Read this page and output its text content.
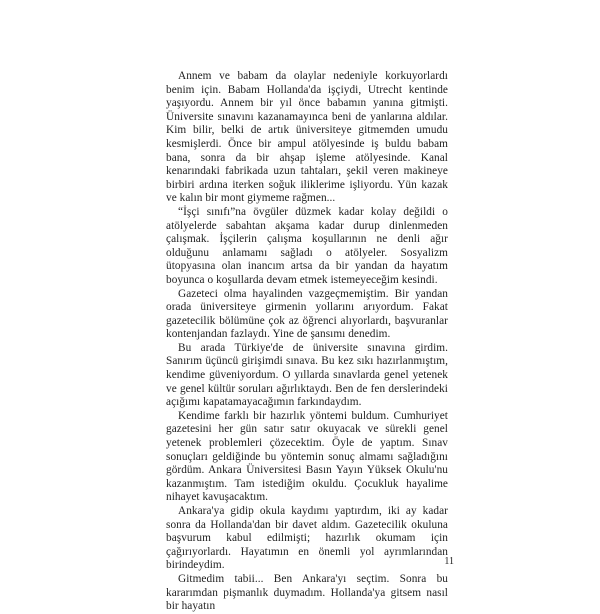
Annem ve babam da olaylar nedeniyle korkuyorlardı benim için. Babam Hollanda'da işçiydi, Utrecht kentinde yaşıyordu. Annem bir yıl önce babamın yanına gitmişti. Üniversite sınavını kazanamayınca beni de yanlarına aldılar. Kim bilir, belki de artık üniversiteye gitmemden umudu kesmişlerdi. Önce bir ampul atölyesinde iş buldu babam bana, sonra da bir ahşap işleme atölyesinde. Kanal kenarındaki fabrikada uzun tahtaları, şekil veren makineye birbiri ardına iterken soğuk iliklerime işliyordu. Yün kazak ve kalın bir mont giymeme rağmen...

“İşçi sınıfı”na övgüler düzmek kadar kolay değildi o atölyelerde sabahtan akşama kadar durup dinlenmeden çalışmak. İşçilerin çalışma koşullarının ne denli ağır olduğunu anlamamı sağladı o atölyeler. Sosyalizm ütopyasına olan inancım artsa da bir yandan da hayatım boyunca o koşullarda devam etmek istemeyeceğim kesindi.

Gazeteci olma hayalinden vazgeçmemiştim. Bir yandan orada üniversiteye girmenin yollarını arıyordum. Fakat gazetecilik bölümüne çok az öğrenci alıyorlardı, başvuranlar kontenjandan fazlaydı. Yine de şansımı denedim.

Bu arada Türkiye'de de üniversite sınavına girdim. Sanırım üçüncü girişimdi sınava. Bu kez sıkı hazırlanmıştım, kendime güveniyordum. O yıllarda sınavlarda genel yetenek ve genel kültür soruları ağırlıktaydı. Ben de fen derslerindeki açığımı kapatamayacağımın farkındaydım.

Kendime farklı bir hazırlık yöntemi buldum. Cumhuriyet gazetesini her gün satır satır okuyacak ve sürekli genel yetenek problemleri çözecektim. Öyle de yaptım. Sınav sonuçları geldiğinde bu yöntemin sonuç almamı sağladığını gördüm. Ankara Üniversitesi Basın Yayın Yüksek Okulu'nu kazanmıştım. Tam istediğim okuldu. Çocukluk hayalime nihayet kavuşacaktım.

Ankara'ya gidip okula kaydımı yaptırdım, iki ay kadar sonra da Hollanda'dan bir davet aldım. Gazetecilik okuluna başvurum kabul edilmişti; hazırlık okumam için çağırıyorlardı. Hayatımın en önemli yol ayrımlarından birindeydim.

Gitmedim tabii... Ben Ankara'yı seçtim. Sonra bu kararımdan pişmanlık duymadım. Hollanda'ya gitsem nasıl bir hayatın

11
